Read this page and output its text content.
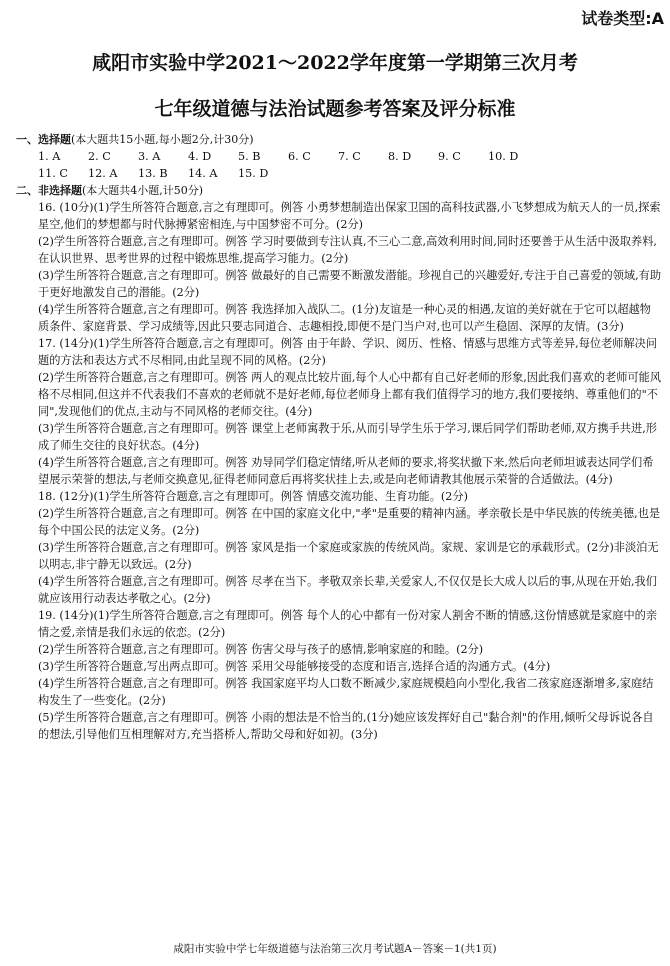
试卷类型:A
咸阳市实验中学2021～2022学年度第一学期第三次月考
七年级道德与法治试题参考答案及评分标准
一、选择题(本大题共15小题,每小题2分,计30分)
1. A 2. C 3. A 4. D 5. B 6. C 7. C 8. D 9. C 10. D
11. C 12. A 13. B 14. A 15. D
二、非选择题(本大题共4小题,计50分)
16. (10分)(1)学生所答符合题意,言之有理即可。例答 小勇梦想制造出保家卫国的高科技武器,小飞梦想成为航天人的一员,探索星空,他们的梦想都与时代脉搏紧密相连,与中国梦密不可分。(2分)
(2)学生所答符合题意,言之有理即可。例答 学习时要做到专注认真,不三心二意,高效利用时间,同时还要善于从生活中汲取养料,在认识世界、思考世界的过程中锻炼思维,提高学习能力。(2分)
(3)学生所答符合题意,言之有理即可。例答 做最好的自己需要不断激发潜能。珍视自己的兴趣爱好,专注于自己喜爱的领域,有助于更好地激发自己的潜能。(2分)
(4)学生所答符合题意,言之有理即可。例答 我选择加入战队二。(1分)友谊是一种心灵的相遇,友谊的美好就在于它可以超越物质条件、家庭背景、学习成绩等,因此只要志同道合、志趣相投,即便不是门当户对,也可以产生稳固、深厚的友情。(3分)
17. (14分)(1)学生所答符合题意,言之有理即可。例答 由于年龄、学识、阅历、性格、情感与思维方式等差异,每位老师解决问题的方法和表达方式不尽相同,由此呈现不同的风格。(2分)
(2)学生所答符合题意,言之有理即可。例答 两人的观点比较片面,每个人心中都有自己好老师的形象,因此我们喜欢的老师可能风格不尽相同,但这并不代表我们不喜欢的老师就不是好老师,每位老师身上都有我们值得学习的地方,我们要接纳、尊重他们的"不同",发现他们的优点,主动与不同风格的老师交往。(4分)
(3)学生所答符合题意,言之有理即可。例答 课堂上老师寓教于乐,从而引导学生乐于学习,课后同学们帮助老师,双方携手共进,形成了师生交往的良好状态。(4分)
(4)学生所答符合题意,言之有理即可。例答 劝导同学们稳定情绪,听从老师的要求,将奖状撤下来,然后向老师坦诚表达同学们希望展示荣誉的想法,与老师交换意见,征得老师同意后再将奖状挂上去,或是向老师请教其他展示荣誉的合适做法。(4分)
18. (12分)(1)学生所答符合题意,言之有理即可。例答 情感交流功能、生育功能。(2分)
(2)学生所答符合题意,言之有理即可。例答 在中国的家庭文化中,"孝"是重要的精神内涵。孝亲敬长是中华民族的传统美德,也是每个中国公民的法定义务。(2分)
(3)学生所答符合题意,言之有理即可。例答 家风是指一个家庭或家族的传统风尚。家规、家训是它的承载形式。(2分)非淡泊无以明志,非宁静无以致远。(2分)
(4)学生所答符合题意,言之有理即可。例答 尽孝在当下。孝敬双亲长辈,关爱家人,不仅仅是长大成人以后的事,从现在开始,我们就应该用行动表达孝敬之心。(2分)
19. (14分)(1)学生所答符合题意,言之有理即可。例答 每个人的心中都有一份对家人割舍不断的情感,这份情感就是家庭中的亲情之爱,亲情是我们永远的依恋。(2分)
(2)学生所答符合题意,言之有理即可。例答 伤害父母与孩子的感情,影响家庭的和睦。(2分)
(3)学生所答符合题意,写出两点即可。例答 采用父母能够接受的态度和语言,选择合适的沟通方式。(4分)
(4)学生所答符合题意,言之有理即可。例答 我国家庭平均人口数不断减少,家庭规模趋向小型化,我省二孩家庭逐渐增多,家庭结构发生了一些变化。(2分)
(5)学生所答符合题意,言之有理即可。例答 小雨的想法是不恰当的,(1分)她应该发挥好自己"黏合剂"的作用,倾听父母诉说各自的想法,引导他们互相理解对方,充当搭桥人,帮助父母和好如初。(3分)
咸阳市实验中学七年级道德与法治第三次月考试题A－答案－1(共1页)
